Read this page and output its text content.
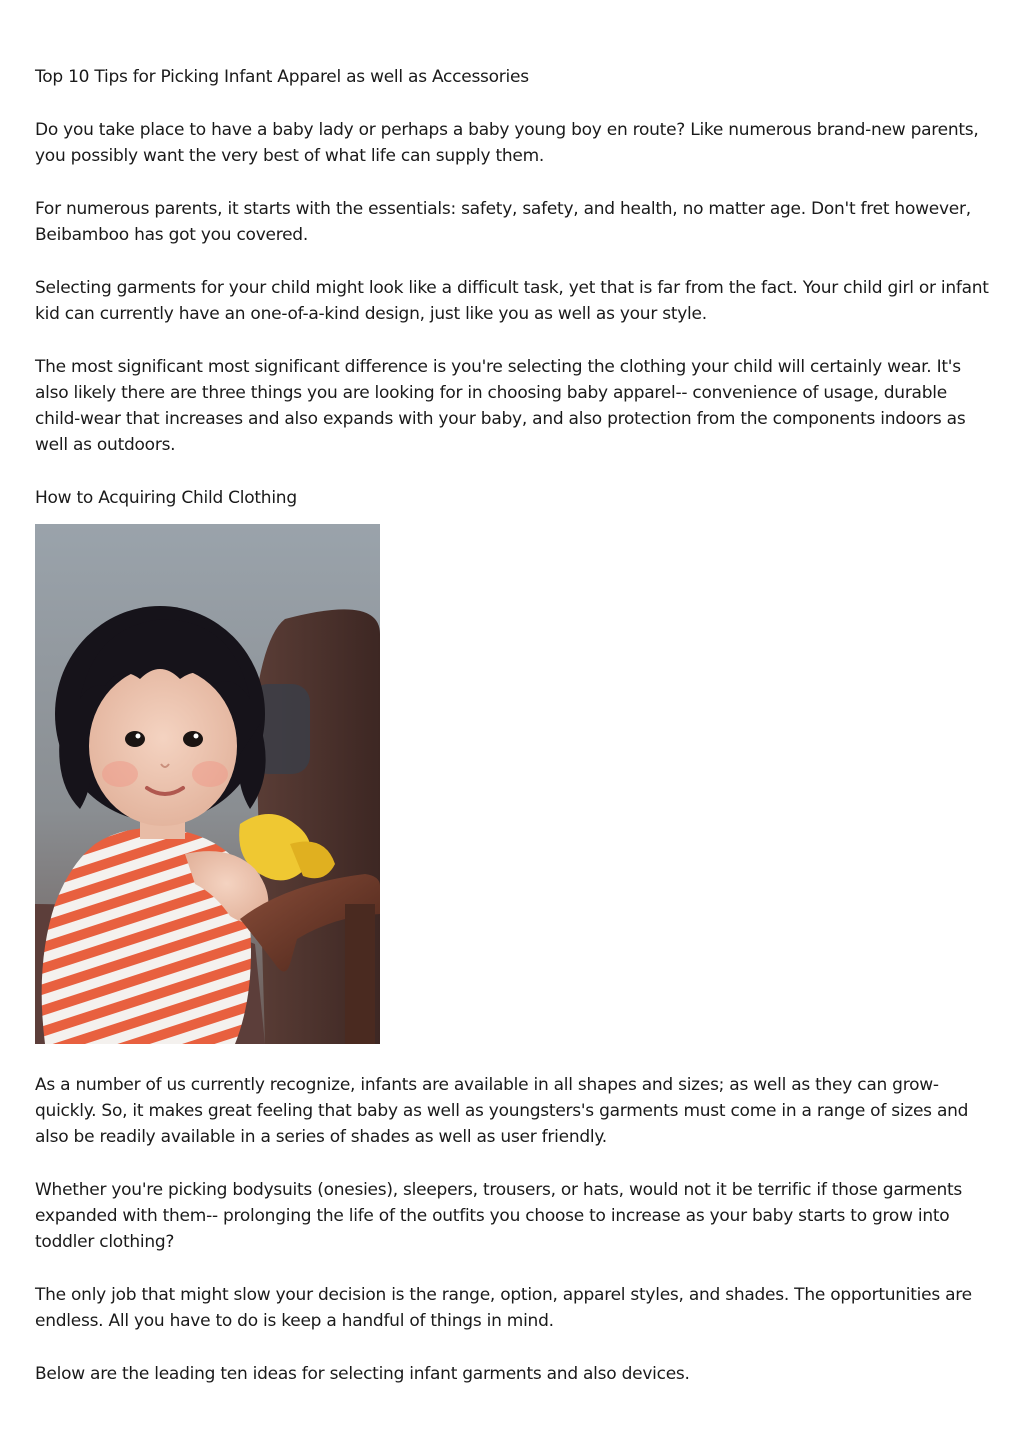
Top 10 Tips for Picking Infant Apparel as well as Accessories

Do you take place to have a baby lady or perhaps a baby young boy en route? Like numerous brand-new parents, you possibly want the very best of what life can supply them.

For numerous parents, it starts with the essentials: safety, safety, and health, no matter age. Don't fret however, Beibamboo has got you covered.

Selecting garments for your child might look like a difficult task, yet that is far from the fact. Your child girl or infant kid can currently have an one-of-a-kind design, just like you as well as your style.

The most significant most significant difference is you're selecting the clothing your child will certainly wear. It's also likely there are three things you are looking for in choosing baby apparel-- convenience of usage, durable child-wear that increases and also expands with your baby, and also protection from the components indoors as well as outdoors.

How to Acquiring Child Clothing

As a number of us currently recognize, infants are available in all shapes and sizes; as well as they can grow-quickly. So, it makes great feeling that baby as well as youngsters's garments must come in a range of sizes and also be readily available in a series of shades as well as user friendly.

Whether you're picking bodysuits (onesies), sleepers, trousers, or hats, would not it be terrific if those garments expanded with them-- prolonging the life of the outfits you choose to increase as your baby starts to grow into toddler clothing?

The only job that might slow your decision is the range, option, apparel styles, and shades. The opportunities are endless. All you have to do is keep a handful of things in mind.

Below are the leading ten ideas for selecting infant garments and also devices.
